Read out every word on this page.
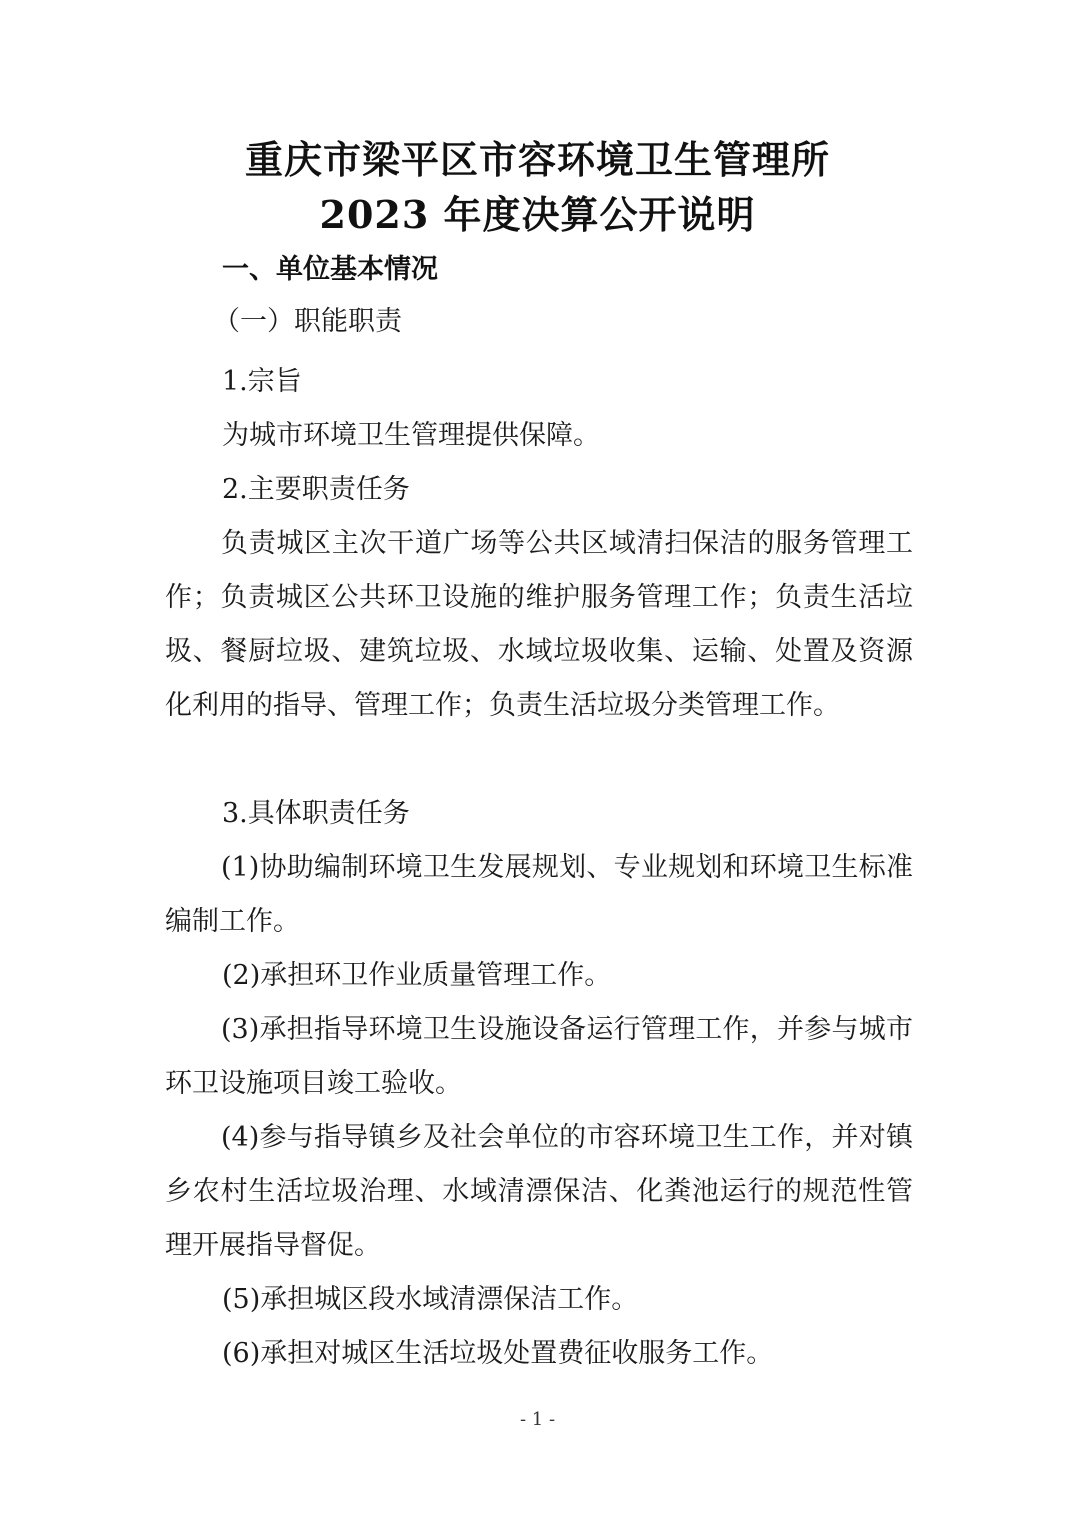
重庆市梁平区市容环境卫生管理所
2023 年度决算公开说明
一、单位基本情况
（一）职能职责
1.宗旨
为城市环境卫生管理提供保障。
2.主要职责任务
负责城区主次干道广场等公共区域清扫保洁的服务管理工作；负责城区公共环卫设施的维护服务管理工作；负责生活垃圾、餐厨垃圾、建筑垃圾、水域垃圾收集、运输、处置及资源化利用的指导、管理工作；负责生活垃圾分类管理工作。
3.具体职责任务
(1)协助编制环境卫生发展规划、专业规划和环境卫生标准编制工作。
(2)承担环卫作业质量管理工作。
(3)承担指导环境卫生设施设备运行管理工作，并参与城市环卫设施项目竣工验收。
(4)参与指导镇乡及社会单位的市容环境卫生工作，并对镇乡农村生活垃圾治理、水域清漂保洁、化粪池运行的规范性管理开展指导督促。
(5)承担城区段水域清漂保洁工作。
(6)承担对城区生活垃圾处置费征收服务工作。
- 1 -
